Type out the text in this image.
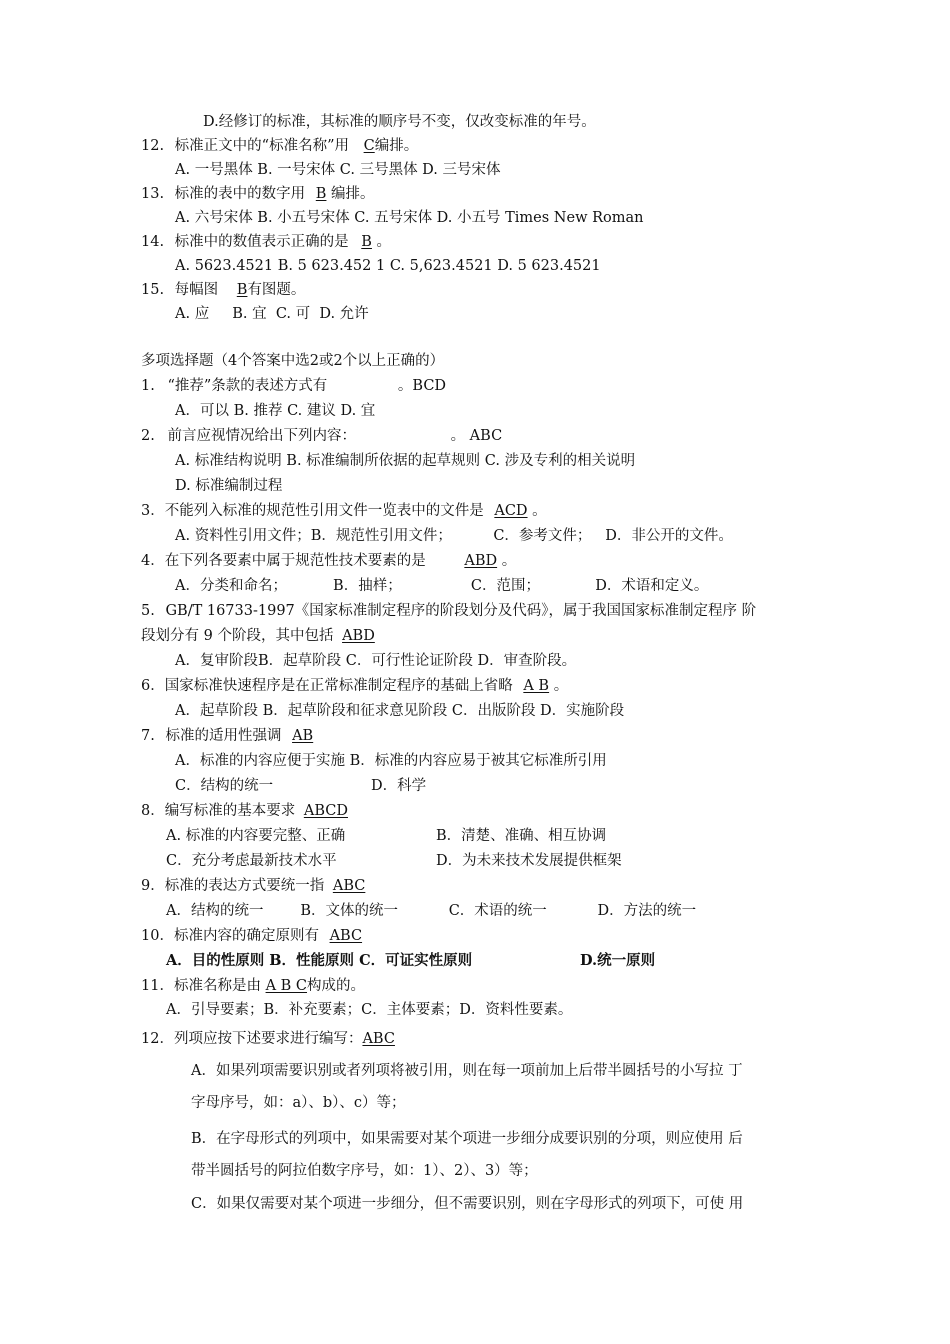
D.经修订的标准，其标准的顺序号不变，仅改变标准的年号。
12. 标准正文中的“标准名称”用 C编排。
A. 一号黑体 B. 一号宋体 C. 三号黑体 D. 三号宋体
13. 标准的表中的数字用 B 编排。
A. 六号宋体 B. 小五号宋体 C. 五号宋体 D. 小五号 Times New Roman
14. 标准中的数值表示正确的是 B 。
A. 5623.4521 B. 5 623.452 1 C. 5,623.4521 D. 5 623.4521
15. 每幅图 B有图题。
A. 应     B. 宜  C. 可  D. 允许
多项选择题（4个答案中选2或2个以上正确的）
1. “推荐”条款的表述方式有	。BCD
A．可以 B. 推荐 C. 建议 D. 宜
2. 前言应视情况给出下列内容：	。 ABC
A. 标准结构说明 B. 标准编制所依据的起草规则 C. 涉及专利的相关说明
D. 标准编制过程
3．不能列入标准的规范性引用文件一览表中的文件是 ACD 。
A. 资料性引用文件；B．规范性引用文件；         C．参考文件；   D．非公开的文件。
4．在下列各要素中属于规范性技术要素的是	ABD 。
A．分类和命名；          B．抽样；               C．范围；            D．术语和定义。
5. GB/T 16733-1997《国家标准制定程序的阶段划分及代码》，属于我国国家标准制定程序 阶
段划分有 9 个阶段，其中包括 ABD
A．复审阶段B．起草阶段 C．可行性论证阶段 D．审查阶段。
6．国家标准快速程序是在正常标准制定程序的基础上省略 A B 。
A．起草阶段 B．起草阶段和征求意见阶段 C．出版阶段 D．实施阶段
7. 标准的适用性强调 AB
A．标准的内容应便于实施 B．标准的内容应易于被其它标准所引用
C．结构的统一	D．科学
8．编写标准的基本要求 ABCD
A. 标准的内容要完整、正确	B．清楚、准确、相互协调
C．充分考虑最新技术水平	D．为未来技术发展提供框架
9．标准的表达方式要统一指 ABC
A．结构的统一        B．文体的统一           C．术语的统一           D．方法的统一
10．标准内容的确定原则有 ABC
A．目的性原则 B．性能原则 C．可证实性原则	D.统一原则
11．标准名称是由 A B C构成的。
A．引导要素；B．补充要素；C．主体要素；D．资料性要素。
12．列项应按下述要求进行编写：ABC
A．如果列项需要识别或者列项将被引用，则在每一项前加上后带半圆括号的小写拉 丁
字母序号，如：a）、b）、c）等；
B．在字母形式的列项中，如果需要对某个项进一步细分成要识别的分项，则应使用 后
带半圆括号的阿拉伯数字序号，如：1）、2）、3）等；
C．如果仅需要对某个项进一步细分，但不需要识别，则在字母形式的列项下，可使 用
